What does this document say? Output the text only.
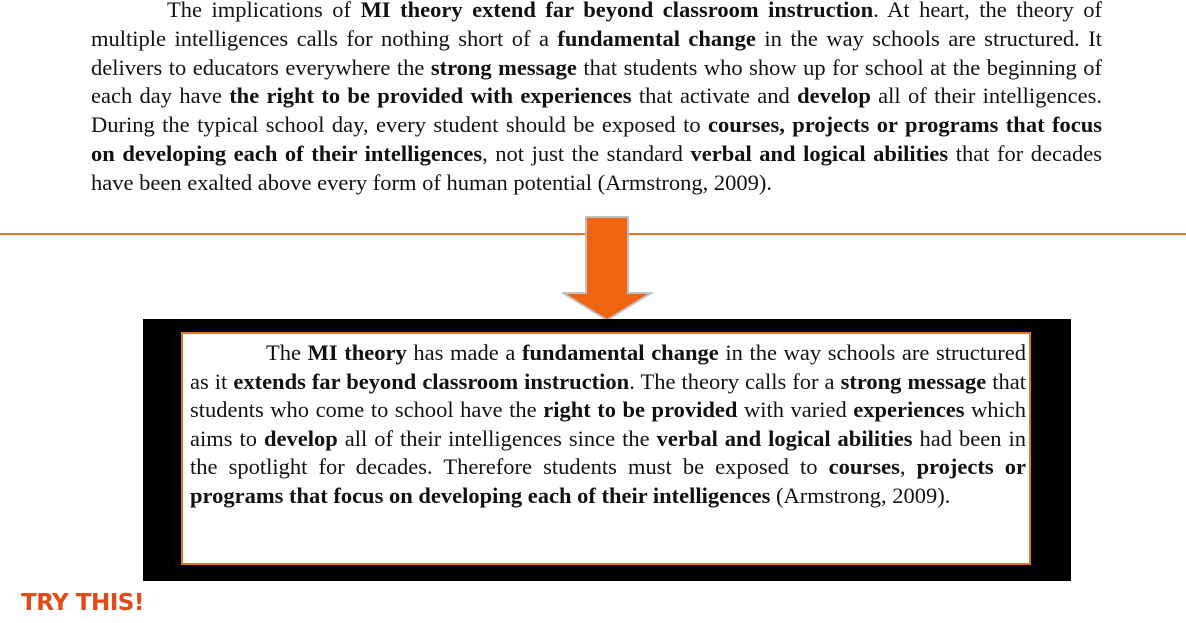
The implications of MI theory extend far beyond classroom instruction. At heart, the theory of multiple intelligences calls for nothing short of a fundamental change in the way schools are structured. It delivers to educators everywhere the strong message that students who show up for school at the beginning of each day have the right to be provided with experiences that activate and develop all of their intelligences. During the typical school day, every student should be exposed to courses, projects or programs that focus on developing each of their intelligences, not just the standard verbal and logical abilities that for decades have been exalted above every form of human potential (Armstrong, 2009).

The MI theory has made a fundamental change in the way schools are structured as it extends far beyond classroom instruction. The theory calls for a strong message that students who come to school have the right to be provided with varied experiences which aims to develop all of their intelligences since the verbal and logical abilities had been in the spotlight for decades. Therefore students must be exposed to courses, projects or programs that focus on developing each of their intelligences (Armstrong, 2009).

TRY THIS!
